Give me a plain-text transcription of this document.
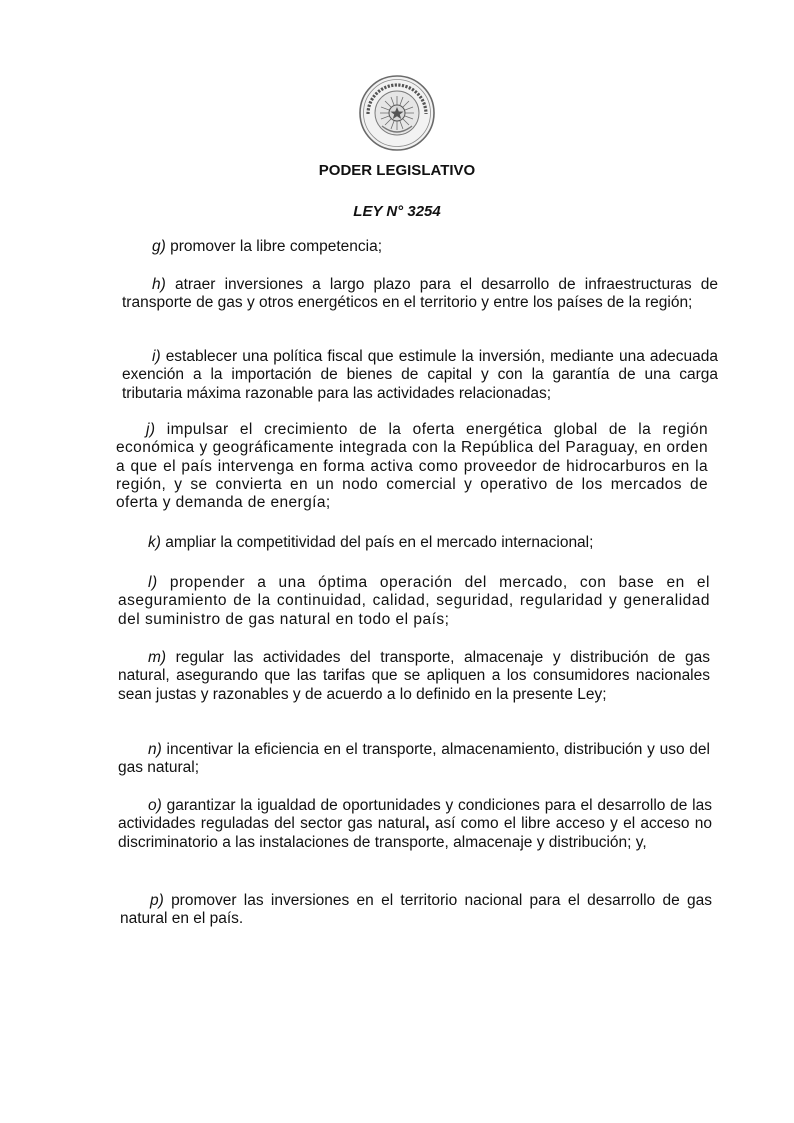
PODER LEGISLATIVO
LEY N° 3254

g) promover la libre competencia;

h) atraer inversiones a largo plazo para el desarrollo de infraestructuras de transporte de gas y otros energéticos en el territorio y entre los países de la región;

i) establecer una política fiscal que estimule la inversión, mediante una adecuada exención a la importación de bienes de capital y con la garantía de una carga tributaria máxima razonable para las actividades relacionadas;

j) impulsar el crecimiento de la oferta energética global de la región económica y geográficamente integrada con la República del Paraguay, en orden a que el país intervenga en forma activa como proveedor de hidrocarburos en la región, y se convierta en un nodo comercial y operativo de los mercados de oferta y demanda de energía;

k) ampliar la competitividad del país en el mercado internacional;

l) propender a una óptima operación del mercado, con base en el aseguramiento de la continuidad, calidad, seguridad, regularidad y generalidad del suministro de gas natural en todo el país;

m) regular las actividades del transporte, almacenaje y distribución de gas natural, asegurando que las tarifas que se apliquen a los consumidores nacionales sean justas y razonables y de acuerdo a lo definido en la presente Ley;

n) incentivar la eficiencia en el transporte, almacenamiento, distribución y uso del gas natural;

o) garantizar la igualdad de oportunidades y condiciones para el desarrollo de las actividades reguladas del sector gas natural, así como el libre acceso y el acceso no discriminatorio a las instalaciones de transporte, almacenaje y distribución; y,

p) promover las inversiones en el territorio nacional para el desarrollo de gas natural en el país.
